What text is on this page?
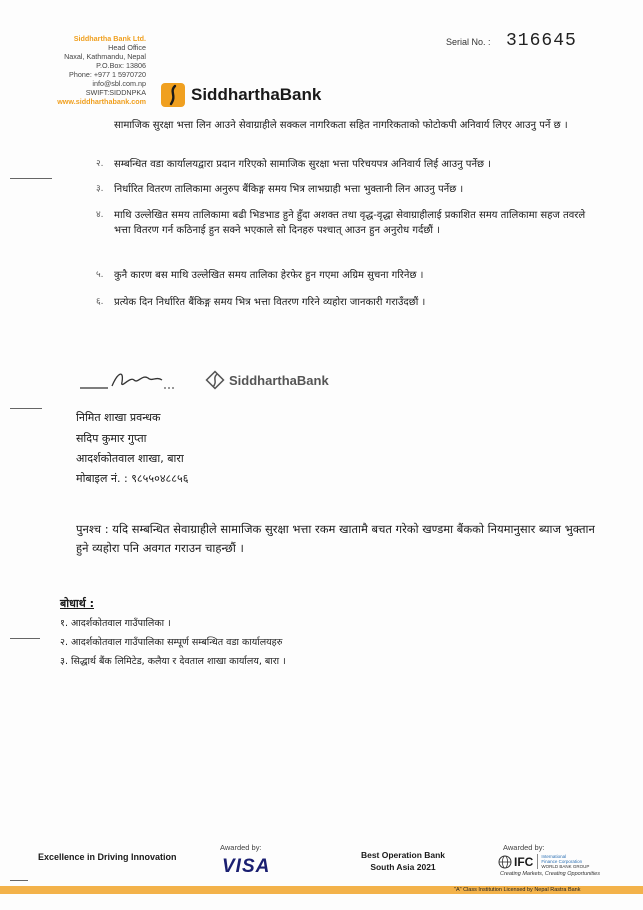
Siddhartha Bank Ltd.
Head Office
Naxal, Kathmandu, Nepal
P.O.Box: 13806
Phone: +977 1 5970720
info@sbl.com.np
SWIFT:SIDDNPKA
www.siddharthabank.com
Serial No. : 316645
SiddharthaBank
सामाजिक सुरक्षा भत्ता लिन आउने सेवाग्राहीले सक्कल नागरिकता सहित नागरिकताको फोटोकपी अनिवार्य लिएर आउनु पर्ने छ ।
२.	सम्बन्धित वडा कार्यालयद्वारा प्रदान गरिएको सामाजिक सुरक्षा भत्ता परिचयपत्र अनिवार्य लिई आउनु पर्नेछ ।
३.	निर्धारित वितरण तालिकामा अनुरुप बैंकिङ्ग समय भित्र लाभग्राही भत्ता भुक्तानी लिन आउनु पर्नेछ ।
४.	माथि उल्लेखित समय तालिकामा बढी भिडभाड हुने हुँदा अशक्त तथा वृद्ध-वृद्धा सेवाग्राहीलाई प्रकाशित समय तालिकामा सहज तवरले भत्ता वितरण गर्न कठिनाई हुन सक्ने भएकाले सो दिनहरु पश्चात् आउन हुन अनुरोध गर्दछौं ।
५.	कुनै कारण बस माथि उल्लेखित समय तालिका हेरफेर हुन गएमा अग्रिम सुचना गरिनेछ ।
६.	प्रत्येक दिन निर्धारित बैंकिङ्ग समय भित्र भत्ता वितरण गरिने व्यहोरा जानकारी गराउँदछौं ।
SiddharthaBank
निमित शाखा प्रवन्धक
सदिप कुमार गुप्ता
आदर्शकोतवाल शाखा, बारा
मोबाइल नं. : ९८५५०४८८५६
पुनश्च : यदि सम्बन्धित सेवाग्राहीले सामाजिक सुरक्षा भत्ता रकम खातामै बचत गरेको खण्डमा बैंकको नियमानुसार ब्याज भुक्तान हुने व्यहोरा पनि अवगत गराउन चाहन्छौं ।
बोधार्थ :
१. आदर्शकोतवाल गाउँपालिका ।
२. आदर्शकोतवाल गाउँपालिका सम्पूर्ण सम्बन्धित वडा कार्यालयहरु
३. सिद्धार्थ बैंक लिमिटेड, कलैया र देवताल शाखा कार्यालय, बारा ।
Excellence in Driving Innovation
Awarded by:
VISA
Best Operation Bank
South Asia 2021
Awarded by:
IFC International
Finance Corporation
WORLD BANK GROUP
Creating Markets, Creating Opportunities
"A" Class Institution Licensed by Nepal Rastra Bank
